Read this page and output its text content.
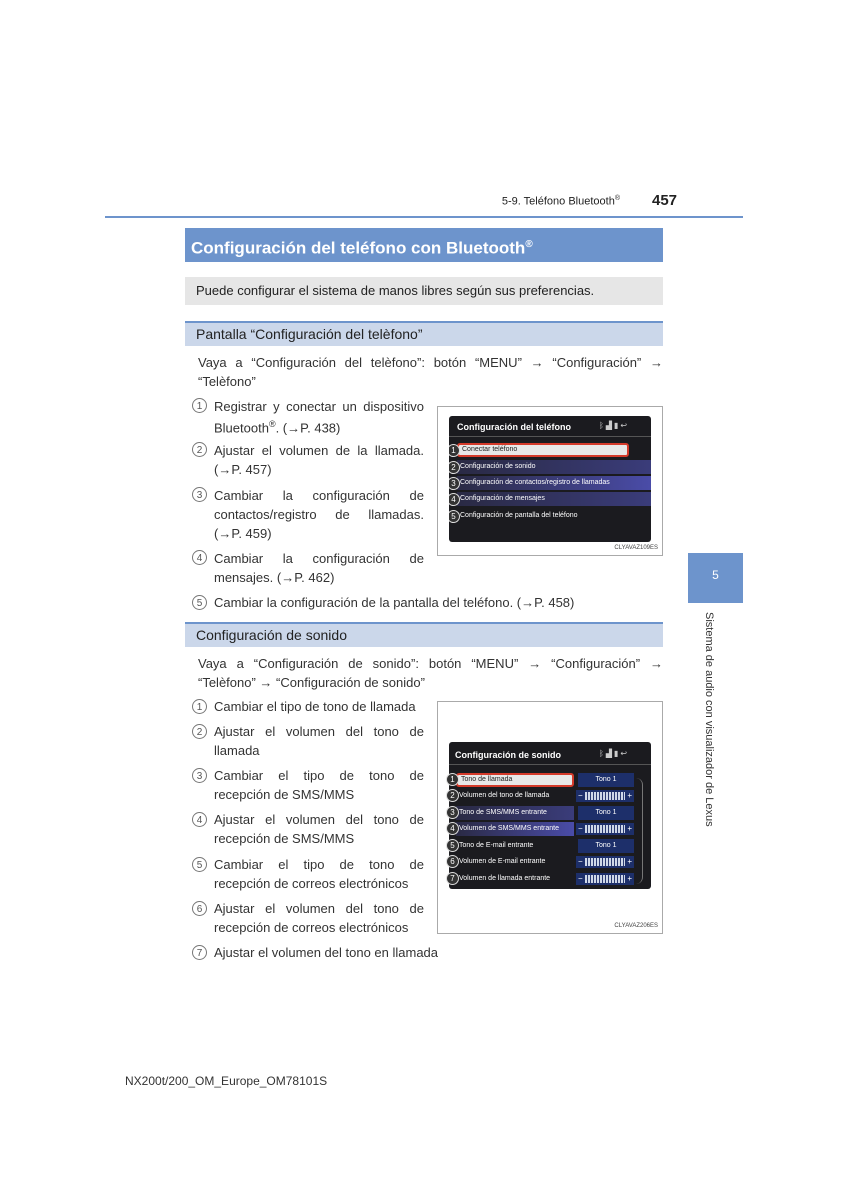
5-9. Teléfono Bluetooth® 457
Configuración del teléfono con Bluetooth®
Puede configurar el sistema de manos libres según sus preferencias.
Pantalla “Configuración del telèfono”
Vaya a “Configuración del telèfono”: botón “MENU” → “Configuración” →
“Telèfono”
1 Registrar y conectar un dispositivo
Bluetooth®. (→P. 438)
2 Ajustar el volumen de la llamada.
(→P. 457)
3 Cambiar la configuración de
contactos/registro de llamadas.
(→P. 459)
4 Cambiar la configuración de
mensajes. (→P. 462)
5 Cambiar la configuración de la pantalla del teléfono. (→P. 458)
Configuración del teléfono	ᛒ▟▮↩
Conectar teléfono
Configuración de sonido
Configuración de contactos/registro de llamadas
Configuración de mensajes
Configuración de pantalla del teléfono
1
2
3
4
5
CLYAVAZ109ES
Configuración de sonido
Vaya a “Configuración de sonido”: botón “MENU” → “Configuración” →
“Telèfono” → “Configuración de sonido”
1 Cambiar el tipo de tono de llamada
2 Ajustar el volumen del tono de
llamada
3 Cambiar el tipo de tono de
recepción de SMS/MMS
4 Ajustar el volumen del tono de
recepción de SMS/MMS
5 Cambiar el tipo de tono de
recepción de correos electrónicos
6 Ajustar el volumen del tono de
recepción de correos electrónicos
7 Ajustar el volumen del tono en llamada
Configuración de sonido	ᛒ▟▮↩
CLYAVAZ206ES
Tono de llamada	Tono 1
Volumen del tono de llamada	−	+
Tono de SMS/MMS entrante	Tono 1
Volumen de SMS/MMS entrante	−	+
Tono de E-mail entrante	Tono 1
Volumen de E-mail entrante	−	+
Volumen de llamada entrante	−	+
1
2
3
4
5
6
7
5
Sistema de audio con visualizador de Lexus
NX200t/200_OM_Europe_OM78101S
